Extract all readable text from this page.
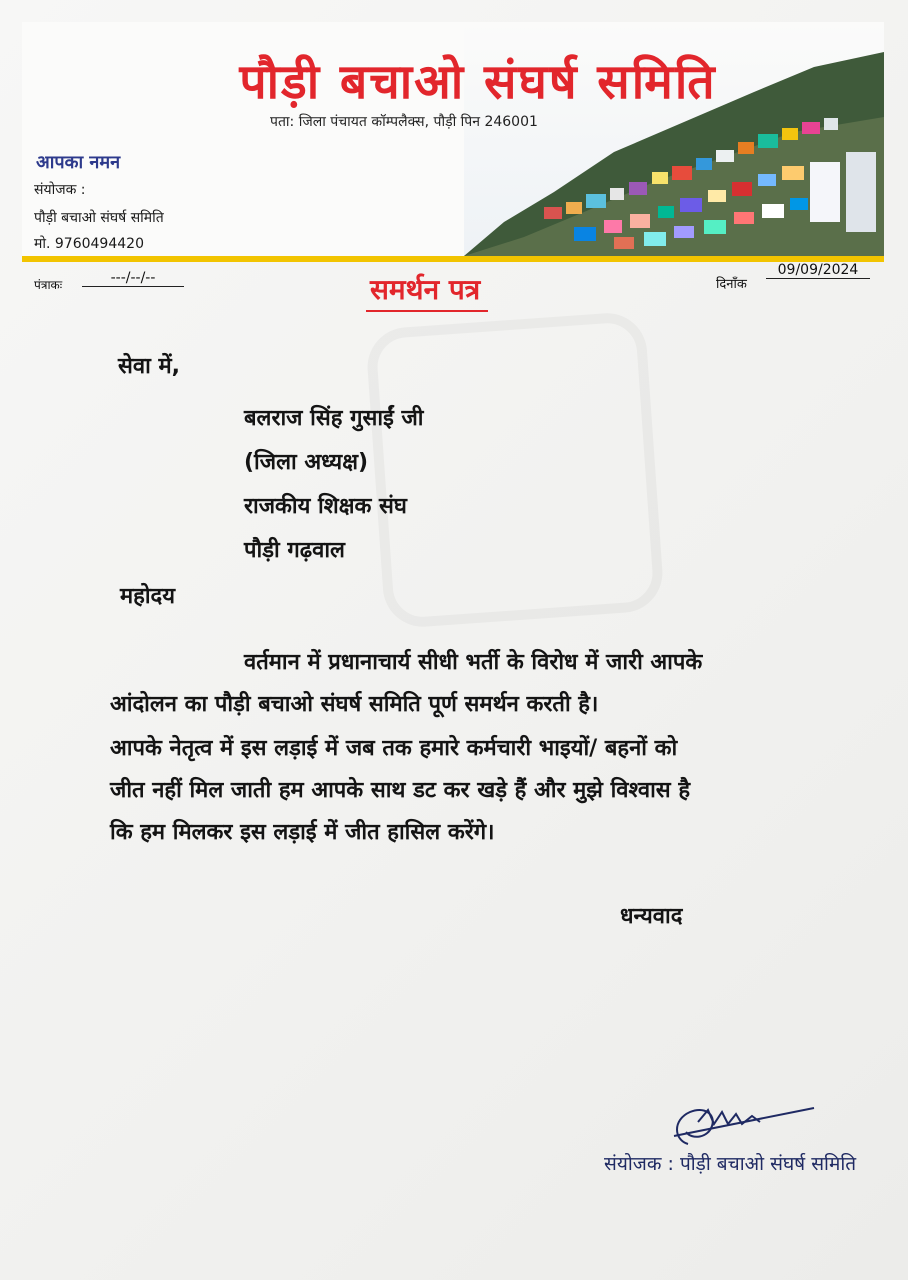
पौड़ी बचाओ संघर्ष समिति
पता: जिला पंचायत कॉम्पलैक्स, पौड़ी पिन 246001
आपका नमन
संयोजक :
पौड़ी बचाओ संघर्ष समिति
मो. 9760494420
पंत्राकः	---/--/--	समर्थन पत्र	दिनाँक
09/09/2024
सेवा में,
बलराज सिंह गुसाईं जी
(जिला अध्यक्ष)
राजकीय शिक्षक संघ
पौड़ी गढ़वाल
महोदय
वर्तमान में प्रधानाचार्य सीधी भर्ती के विरोध में जारी आपके
आंदोलन का पौड़ी बचाओ संघर्ष समिति पूर्ण समर्थन करती है।
आपके नेतृत्व में इस लड़ाई में जब तक हमारे कर्मचारी भाइयों/ बहनों को
जीत नहीं मिल जाती हम आपके साथ डट कर खड़े हैं और मुझे विश्वास है
कि हम मिलकर इस लड़ाई में जीत हासिल करेंगे।
धन्यवाद
संयोजक : पौड़ी बचाओ संघर्ष समिति
